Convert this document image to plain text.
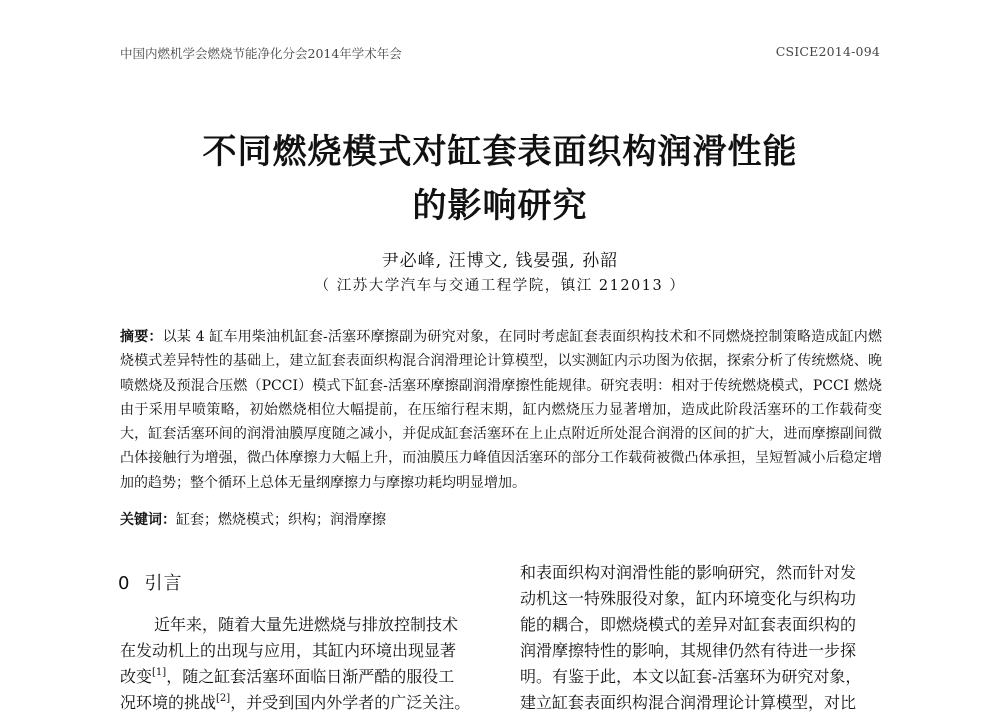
中国内燃机学会燃烧节能净化分会2014年学术年会	CSICE2014-094
不同燃烧模式对缸套表面织构润滑性能
的影响研究
尹必峰, 汪博文, 钱晏强, 孙韶
（ 江苏大学汽车与交通工程学院，镇江 212013 ）
摘要：以某 4 缸车用柴油机缸套-活塞环摩擦副为研究对象，在同时考虑缸套表面织构技术和不同燃烧控制策略造成缸内燃烧模式差异特性的基础上，建立缸套表面织构混合润滑理论计算模型，以实测缸内示功图为依据，探索分析了传统燃烧、晚喷燃烧及预混合压燃（PCCI）模式下缸套-活塞环摩擦副润滑摩擦性能规律。研究表明：相对于传统燃烧模式，PCCI 燃烧由于采用早喷策略，初始燃烧相位大幅提前，在压缩行程末期，缸内燃烧压力显著增加，造成此阶段活塞环的工作载荷变大，缸套活塞环间的润滑油膜厚度随之减小，并促成缸套活塞环在上止点附近所处混合润滑的区间的扩大，进而摩擦副间微凸体接触行为增强，微凸体摩擦力大幅上升，而油膜压力峰值因活塞环的部分工作载荷被微凸体承担，呈短暂减小后稳定增加的趋势；整个循环上总体无量纲摩擦力与摩擦功耗均明显增加。
关键词：缸套；燃烧模式；织构；润滑摩擦
0 引言
近年来，随着大量先进燃烧与排放控制技术
在发动机上的出现与应用，其缸内环境出现显著
改变[1]，随之缸套活塞环面临日渐严酷的服役工
况环境的挑战[2]，并受到国内外学者的广泛关注。
和表面织构对润滑性能的影响研究，然而针对发
动机这一特殊服役对象，缸内环境变化与织构功
能的耦合，即燃烧模式的差异对缸套表面织构的
润滑摩擦特性的影响，其规律仍然有待进一步探
明。有鉴于此，本文以缸套-活塞环为研究对象，
建立缸套表面织构混合润滑理论计算模型，对比
